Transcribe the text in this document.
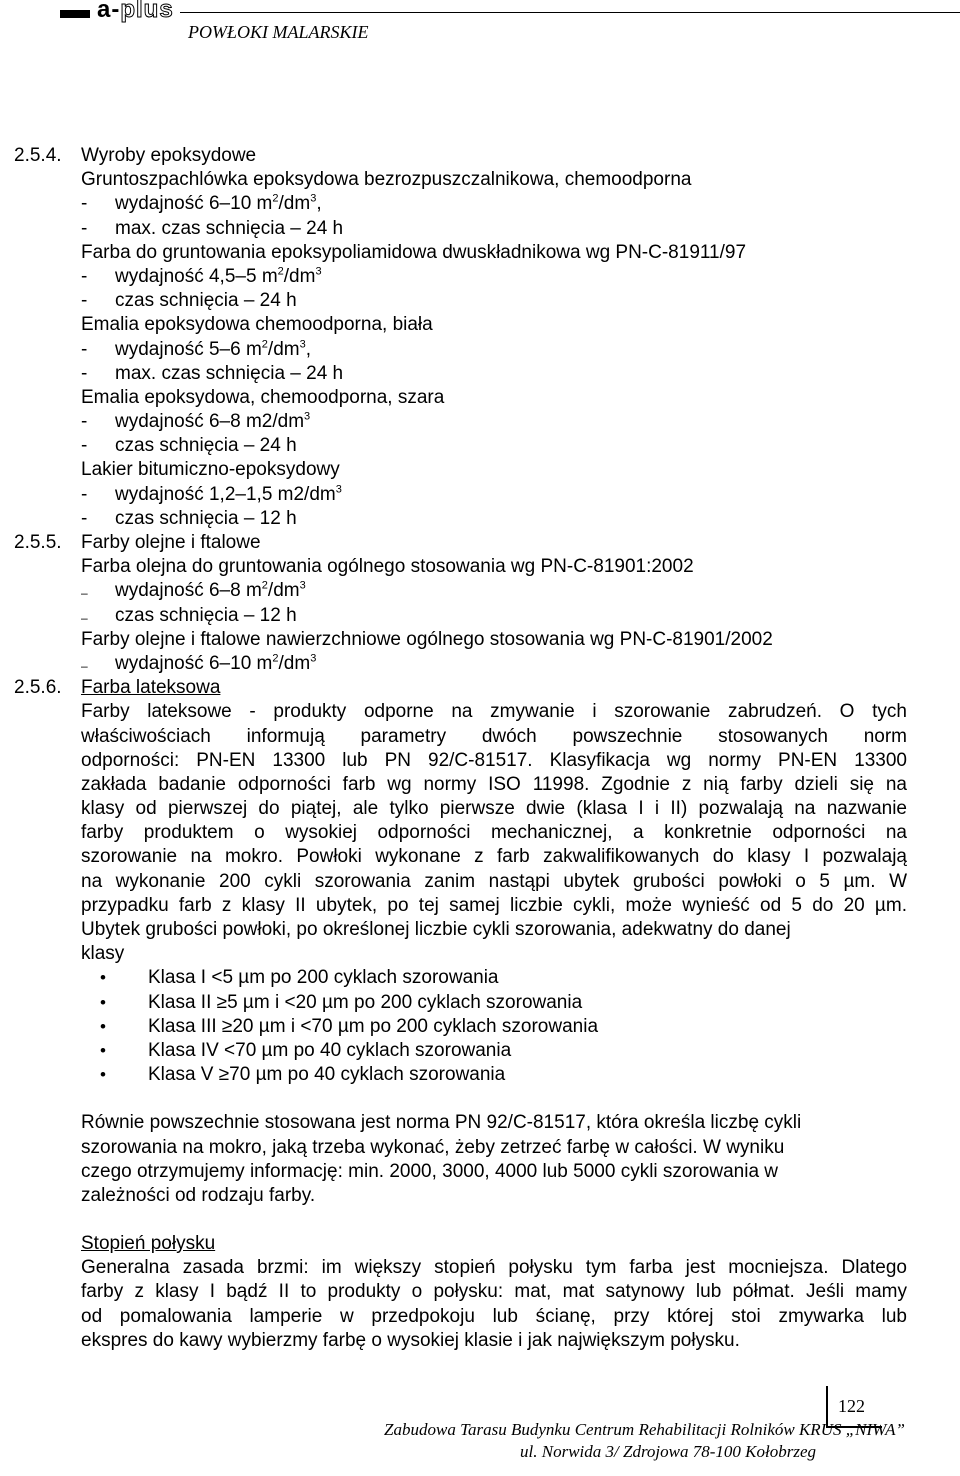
a-plus
POWŁOKI MALARSKIE
2.5.4. Wyroby epoksydowe
Gruntoszpachlówka epoksydowa bezrozpuszczalnikowa, chemoodporna
- wydajność 6–10 $m^2/dm^3$,
- max. czas schnięcia – 24 h
Farba do gruntowania epoksypoliamidowa dwuskładnikowa wg PN-C-81911/97
- wydajność 4,5–5 $m^2/dm^3$
- czas schnięcia – 24 h
Emalia epoksydowa chemoodporna, biała
- wydajność 5–6 $m^2/dm^3$,
- max. czas schnięcia – 24 h
Emalia epoksydowa, chemoodporna, szara
- wydajność 6–8 $m2/dm^3$
- czas schnięcia – 24 h
Lakier bitumiczno-epoksydowy
- wydajność 1,2–1,5 $m2/dm^3$
- czas schnięcia – 12 h
2.5.5. Farby olejne i ftalowe
Farba olejna do gruntowania ogólnego stosowania wg PN-C-81901:2002
– wydajność 6–8 $m^2/dm^3$
– czas schnięcia – 12 h
Farby olejne i ftalowe nawierzchniowe ogólnego stosowania wg PN-C-81901/2002
– wydajność 6–10 $m^2/dm^3$
2.5.6. Farba lateksowa
Farby lateksowe - produkty odporne na zmywanie i szorowanie zabrudzeń. O tych
właściwościach informują parametry dwóch powszechnie stosowanych norm
odporności: PN-EN 13300 lub PN 92/C-81517. Klasyfikacja wg normy PN-EN 13300
zakłada badanie odporności farb wg normy ISO 11998. Zgodnie z nią farby dzieli się na
klasy od pierwszej do piątej, ale tylko pierwsze dwie (klasa I i II) pozwalają na nazwanie
farby produktem o wysokiej odporności mechanicznej, a konkretnie odporności na
szorowanie na mokro. Powłoki wykonane z farb zakwalifikowanych do klasy I pozwalają
na wykonanie 200 cykli szorowania zanim nastąpi ubytek grubości powłoki o 5 µm. W
przypadku farb z klasy II ubytek, po tej samej liczbie cykli, może wynieść od 5 do 20 µm.
Ubytek grubości powłoki, po określonej liczbie cykli szorowania, adekwatny do danej
klasy
• Klasa I <5 µm po 200 cyklach szorowania
• Klasa II ≥5 µm i <20 µm po 200 cyklach szorowania
• Klasa III ≥20 µm i <70 µm po 200 cyklach szorowania
• Klasa IV <70 µm po 40 cyklach szorowania
• Klasa V ≥70 µm po 40 cyklach szorowania
Równie powszechnie stosowana jest norma PN 92/C-81517, która określa liczbę cykli
szorowania na mokro, jaką trzeba wykonać, żeby zetrzeć farbę w całości. W wyniku
czego otrzymujemy informację: min. 2000, 3000, 4000 lub 5000 cykli szorowania w
zależności od rodzaju farby.
Stopień połysku
Generalna zasada brzmi: im większy stopień połysku tym farba jest mocniejsza. Dlatego
farby z klasy I bądź II to produkty o połysku: mat, mat satynowy lub półmat. Jeśli mamy
od pomalowania lamperie w przedpokoju lub ścianę, przy której stoi zmywarka lub
ekspres do kawy wybierzmy farbę o wysokiej klasie i jak największym połysku.
122
Zabudowa Tarasu Budynku Centrum Rehabilitacji Rolników KRUS „NIWA”
ul. Norwida 3/ Zdrojowa 78-100 Kołobrzeg
